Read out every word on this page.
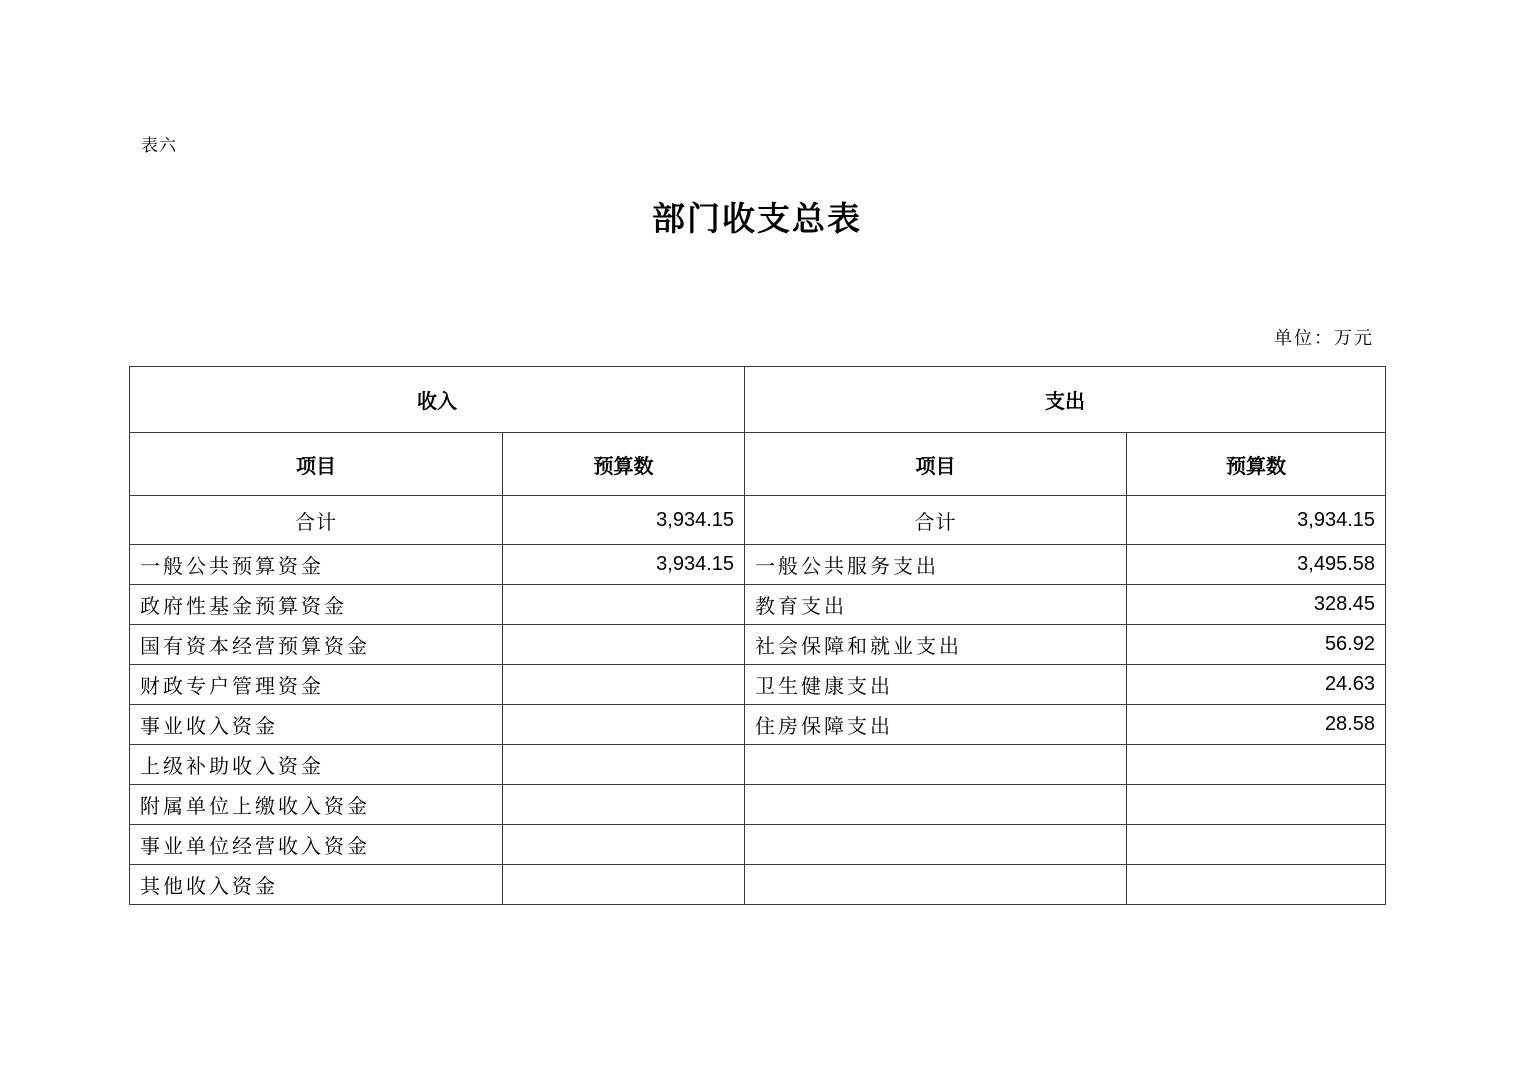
表六
部门收支总表
单位：万元
收入		支出	
项目	预算数	项目	预算数
合计	3,934.15	合计	3,934.15
一般公共预算资金	3,934.15	一般公共服务支出	3,495.58
政府性基金预算资金		教育支出	328.45
国有资本经营预算资金		社会保障和就业支出	56.92
财政专户管理资金		卫生健康支出	24.63
事业收入资金		住房保障支出	28.58
上级补助收入资金			
附属单位上缴收入资金			
事业单位经营收入资金			
其他收入资金			
